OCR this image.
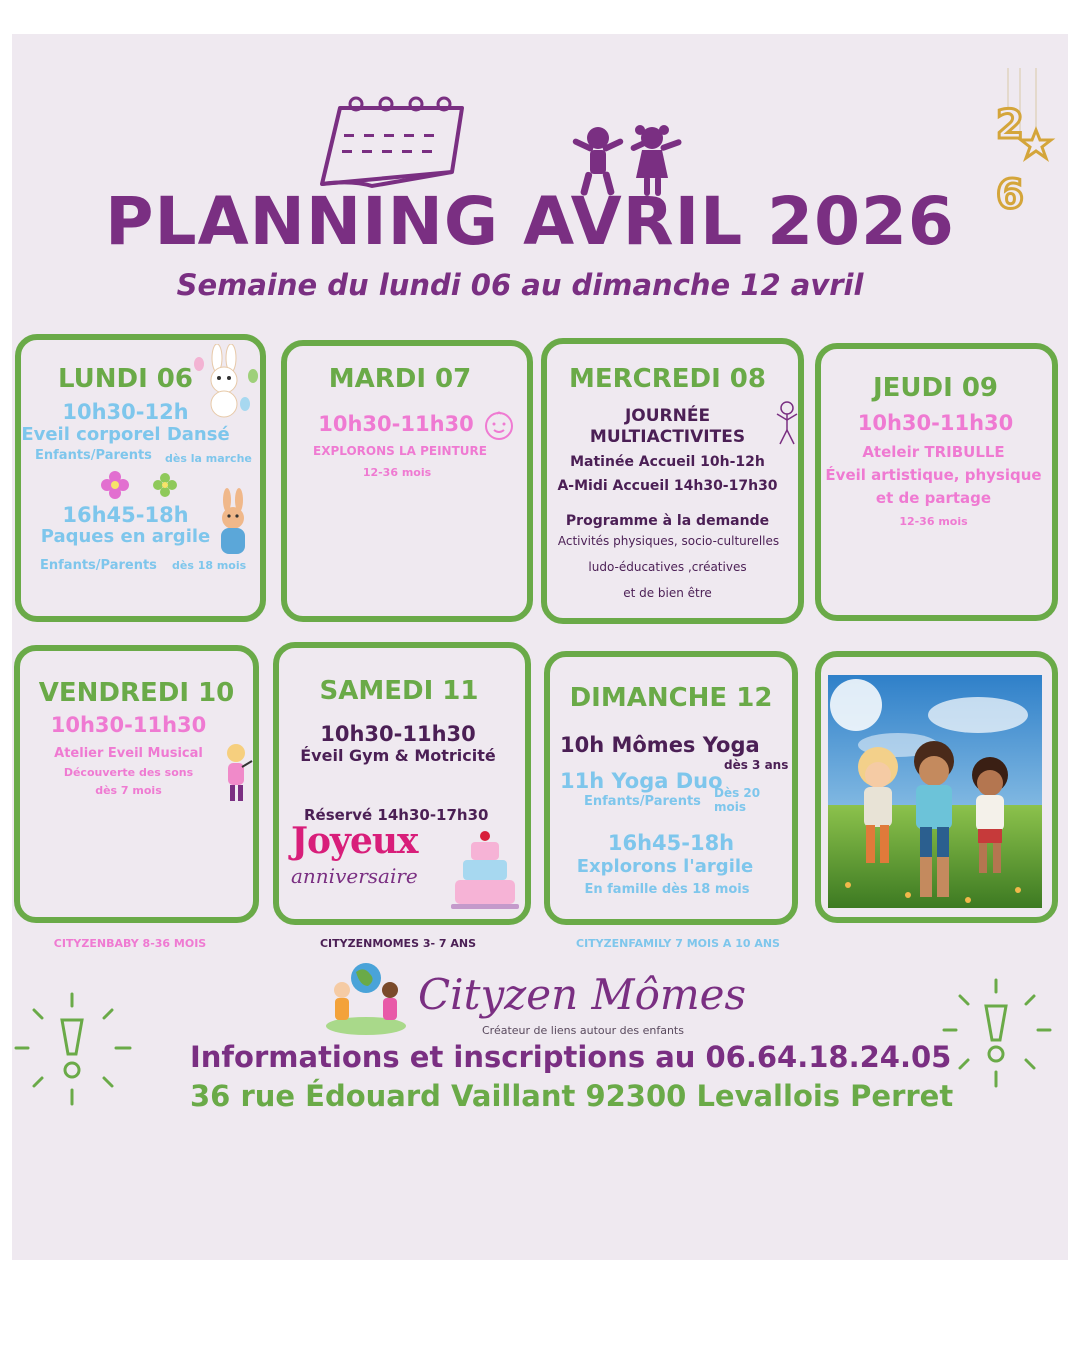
2
6
PLANNING AVRIL 2026
Semaine du lundi 06 au dimanche 12 avril
LUNDI 06
10h30-12h
Eveil corporel Dansé
Enfants/Parents dès la marche
16h45-18h
Paques en argile
Enfants/Parents dès 18 mois
MARDI 07
10h30-11h30
EXPLORONS LA PEINTURE
12-36 mois
MERCREDI 08
JOURNÉE
MULTIACTIVITES
Matinée Accueil 10h-12h
A-Midi Accueil 14h30-17h30
Programme à la demande
Activités physiques, socio-culturelles
ludo-éducatives ,créatives
et de bien être
JEUDI 09
10h30-11h30
Ateleir TRIBULLE
Éveil artistique, physique
et de partage
12-36 mois
VENDREDI 10
10h30-11h30
Atelier Eveil Musical
Découverte des sons
dès 7 mois
SAMEDI 11
10h30-11h30
Éveil Gym & Motricité
Réservé 14h30-17h30
Joyeux
anniversaire
DIMANCHE 12
10h Mômes Yoga
dès 3 ans
11h Yoga Duo
Enfants/Parents
Dès 20 mois
16h45-18h
Explorons l'argile
En famille dès 18 mois
CITYZENBABY 8-36 MOIS	CITYZENMOMES 3- 7 ANS	CITYZENFAMILY 7 MOIS A 10 ANS
Cityzen Mômes
Créateur de liens autour des enfants
Informations et inscriptions au 06.64.18.24.05
36 rue Édouard Vaillant 92300 Levallois Perret
